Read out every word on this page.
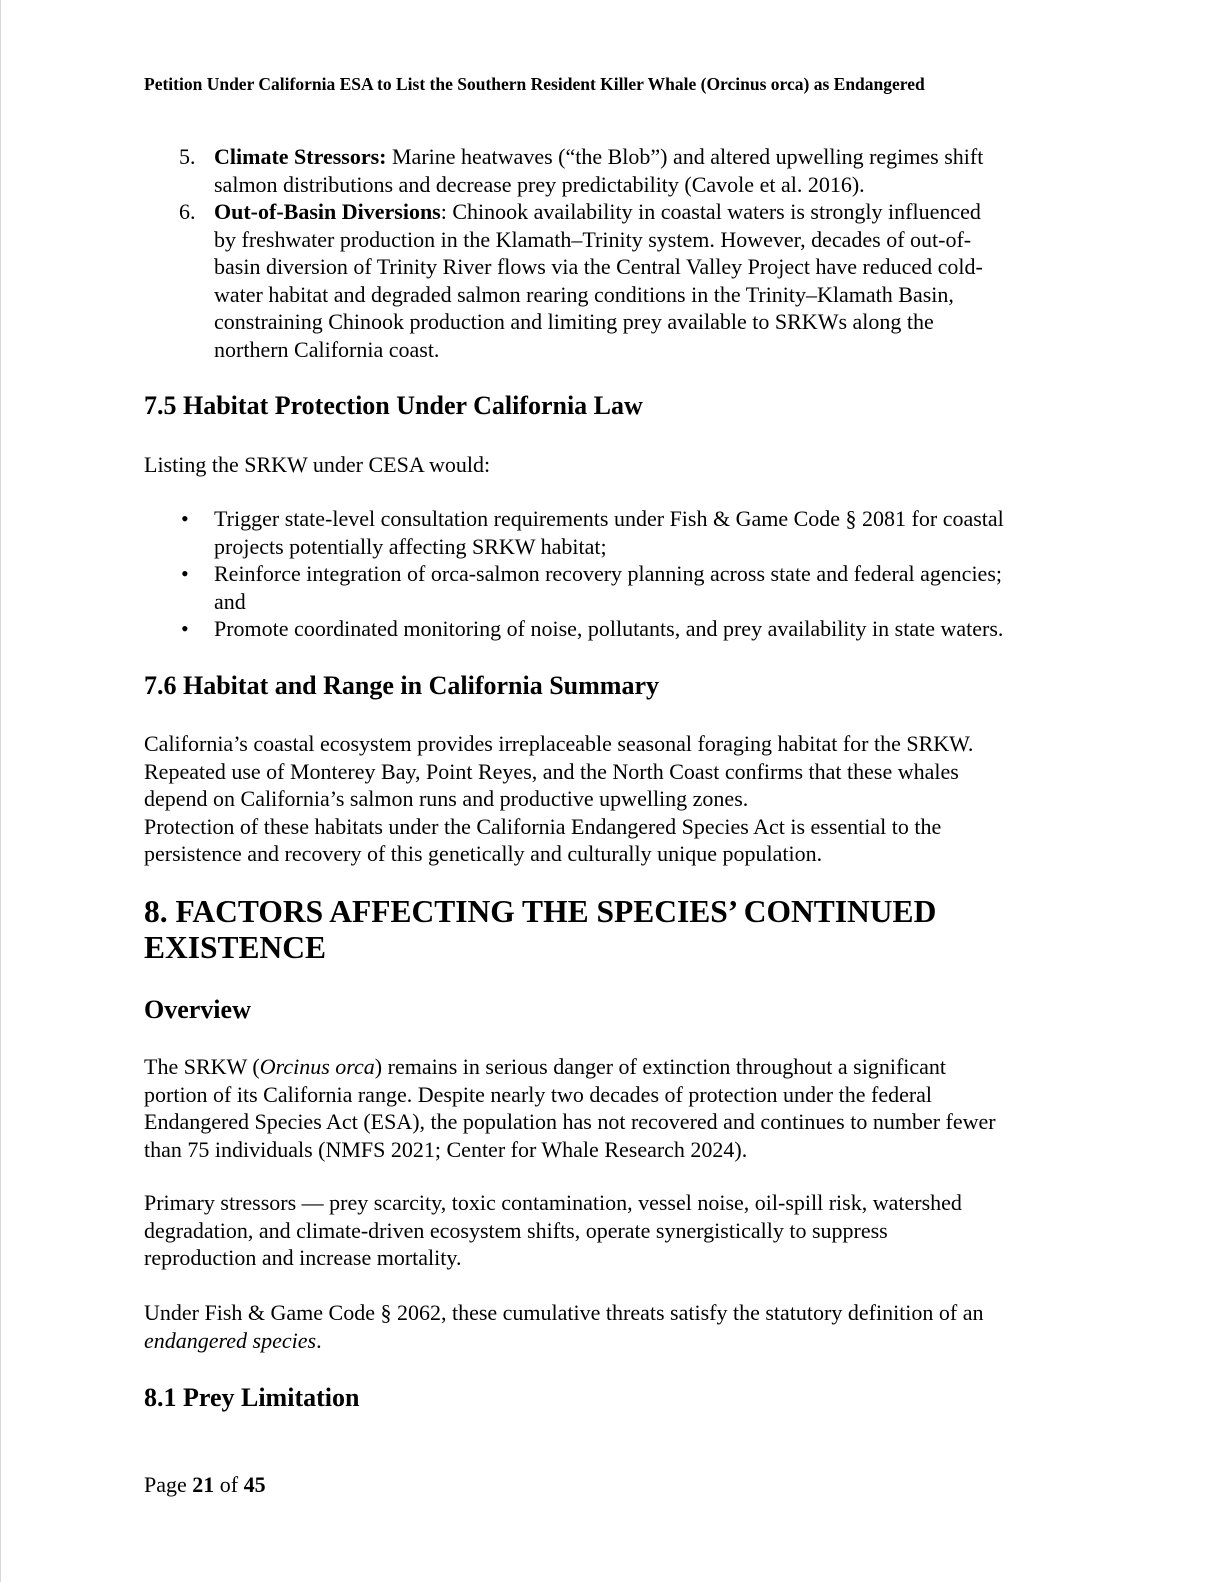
Petition Under California ESA to List the Southern Resident Killer Whale (Orcinus orca) as Endangered
5. Climate Stressors: Marine heatwaves (“the Blob”) and altered upwelling regimes shift

salmon distributions and decrease prey predictability (Cavole et al. 2016).

6. Out-of-Basin Diversions: Chinook availability in coastal waters is strongly influenced

by freshwater production in the Klamath–Trinity system. However, decades of out-of-

basin diversion of Trinity River flows via the Central Valley Project have reduced cold-

water habitat and degraded salmon rearing conditions in the Trinity–Klamath Basin,

constraining Chinook production and limiting prey available to SRKWs along the

northern California coast.

7.5 Habitat Protection Under California Law

Listing the SRKW under CESA would:

• Trigger state-level consultation requirements under Fish & Game Code § 2081 for coastal

projects potentially affecting SRKW habitat;

• Reinforce integration of orca-salmon recovery planning across state and federal agencies;

and

• Promote coordinated monitoring of noise, pollutants, and prey availability in state waters.

7.6 Habitat and Range in California Summary

California’s coastal ecosystem provides irreplaceable seasonal foraging habitat for the SRKW.

Repeated use of Monterey Bay, Point Reyes, and the North Coast confirms that these whales

depend on California’s salmon runs and productive upwelling zones.

Protection of these habitats under the California Endangered Species Act is essential to the

persistence and recovery of this genetically and culturally unique population.

8. FACTORS AFFECTING THE SPECIES’ CONTINUED

EXISTENCE

Overview

The SRKW (Orcinus orca) remains in serious danger of extinction throughout a significant

portion of its California range. Despite nearly two decades of protection under the federal

Endangered Species Act (ESA), the population has not recovered and continues to number fewer

than 75 individuals (NMFS 2021; Center for Whale Research 2024).

Primary stressors — prey scarcity, toxic contamination, vessel noise, oil-spill risk, watershed

degradation, and climate-driven ecosystem shifts, operate synergistically to suppress

reproduction and increase mortality.

Under Fish & Game Code § 2062, these cumulative threats satisfy the statutory definition of an

endangered species.

8.1 Prey Limitation
Page 21 of 45
